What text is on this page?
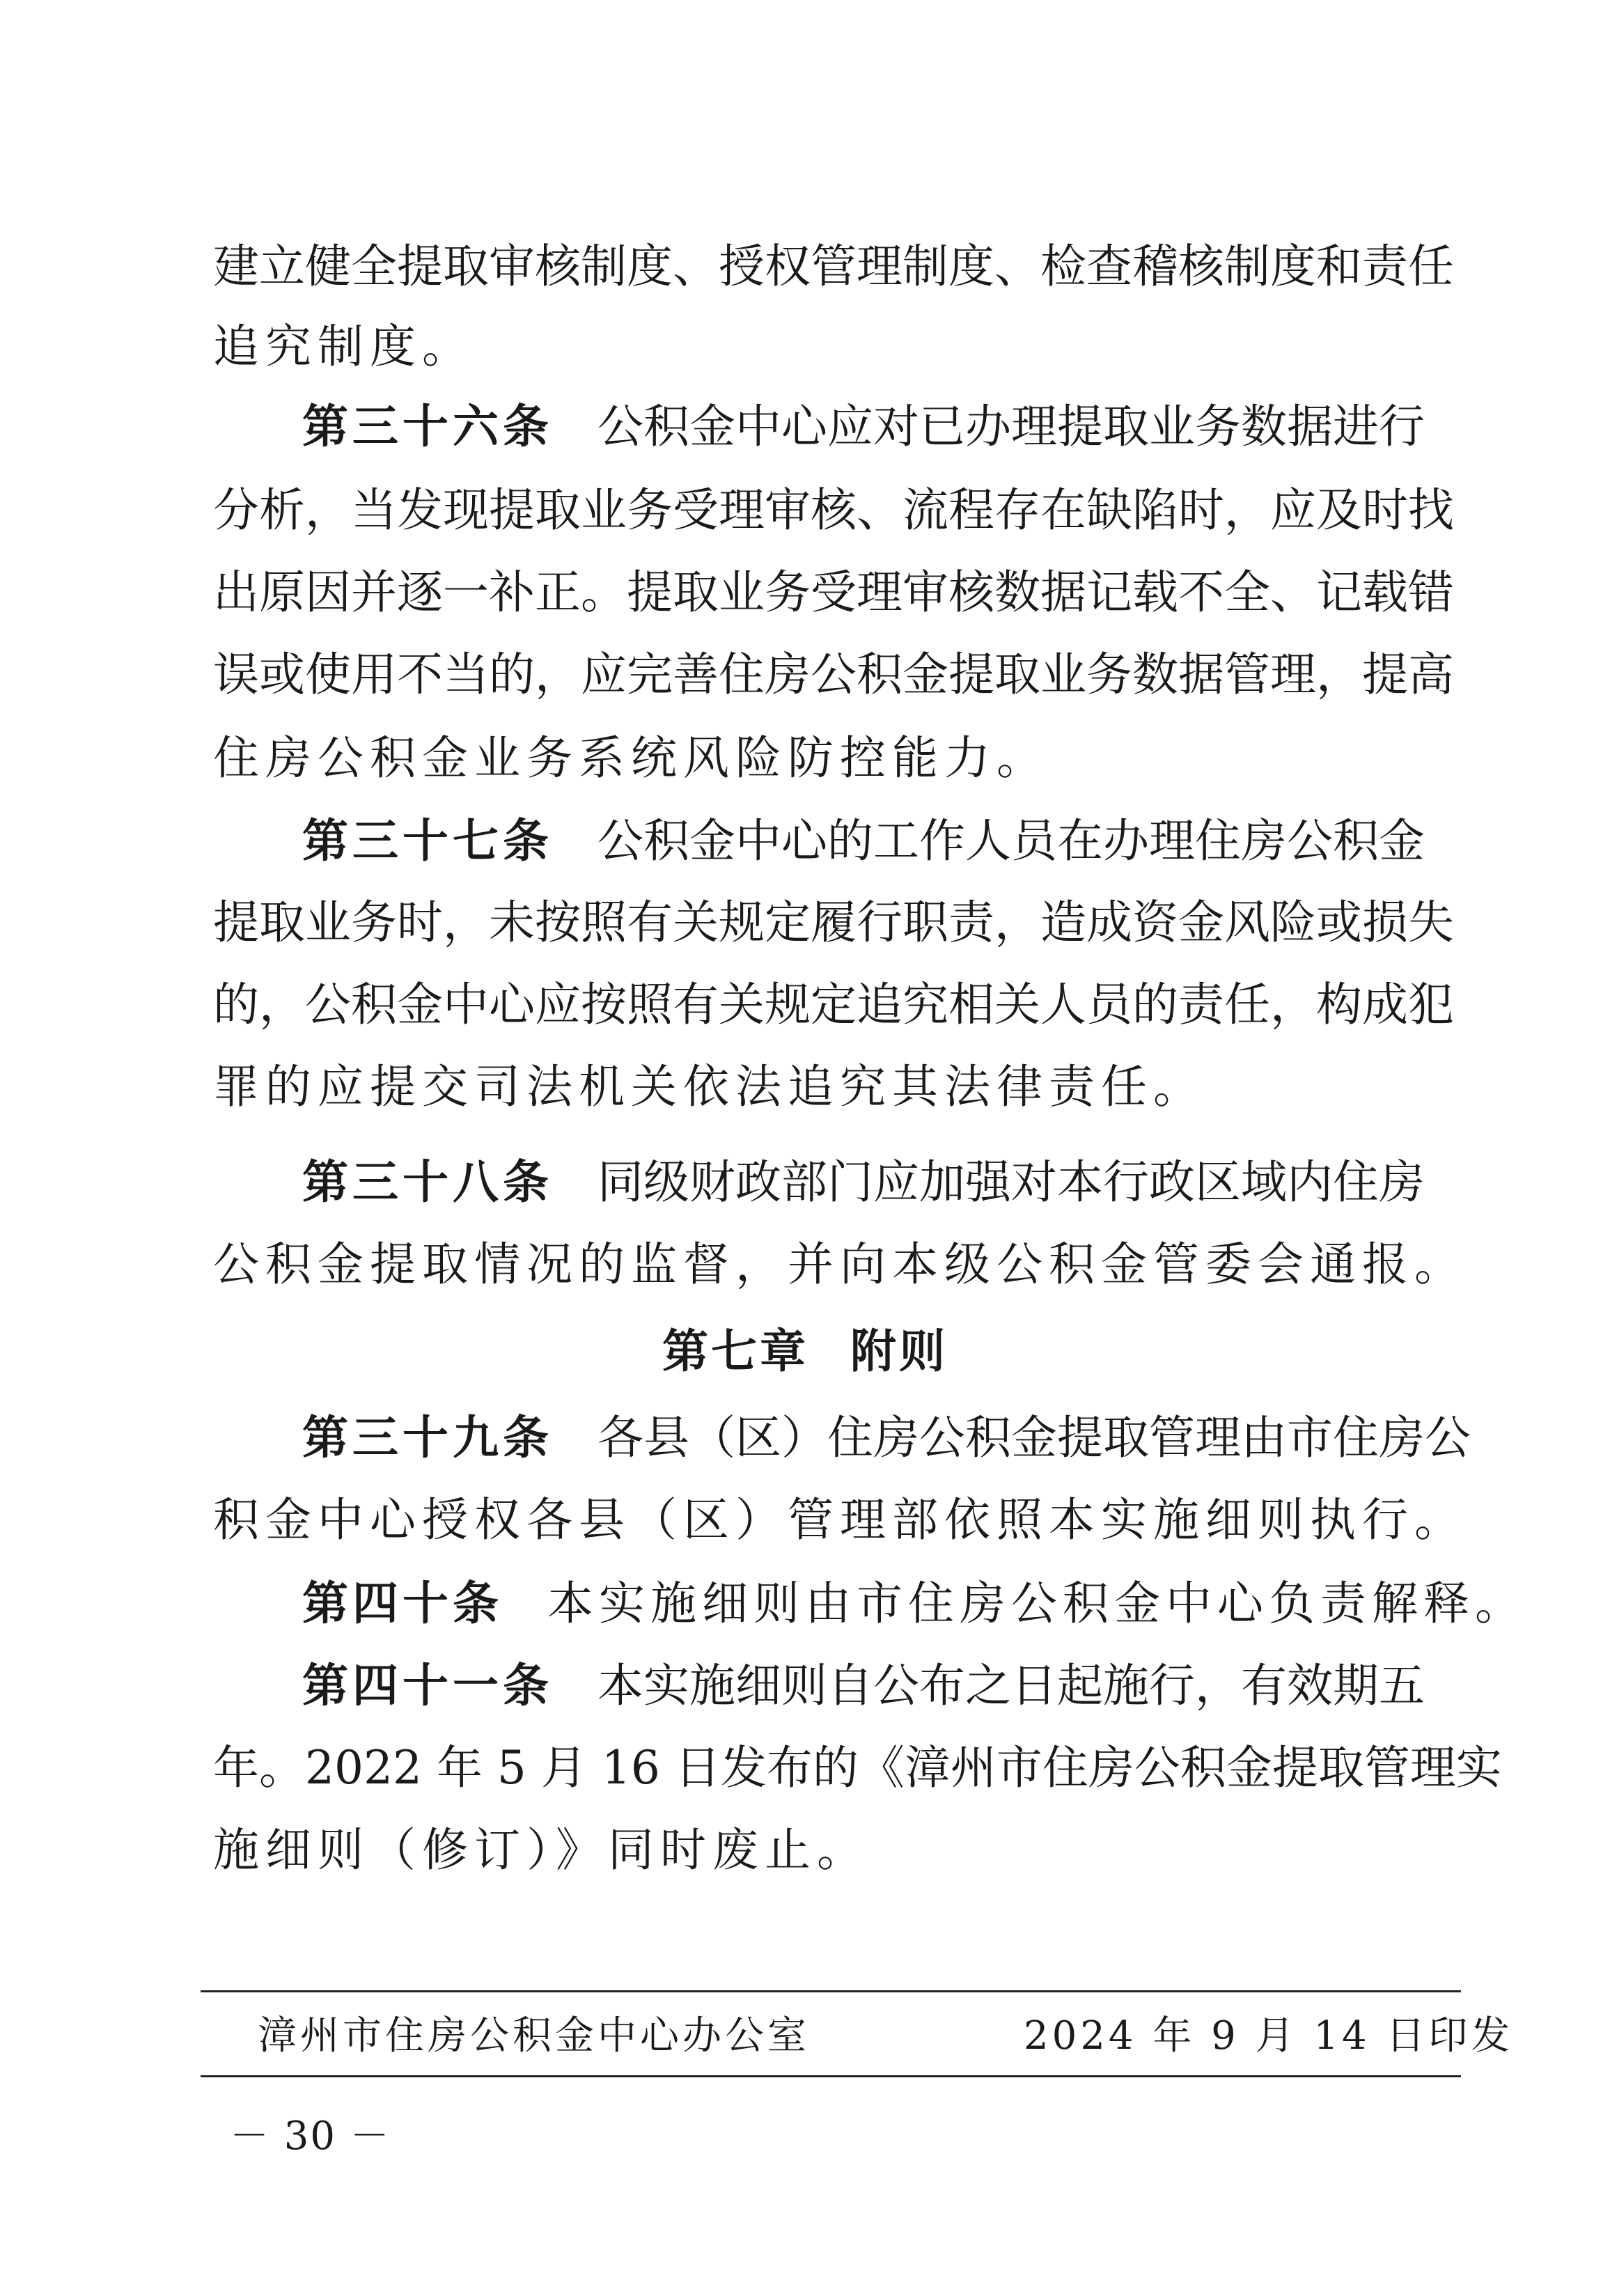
建立健全提取审核制度、授权管理制度、检查稽核制度和责任
追究制度。
第三十六条 公积金中心应对已办理提取业务数据进行
分析，当发现提取业务受理审核、流程存在缺陷时，应及时找
出原因并逐一补正。提取业务受理审核数据记载不全、记载错
误或使用不当的，应完善住房公积金提取业务数据管理，提高
住房公积金业务系统风险防控能力。
第三十七条 公积金中心的工作人员在办理住房公积金
提取业务时，未按照有关规定履行职责，造成资金风险或损失
的，公积金中心应按照有关规定追究相关人员的责任，构成犯
罪的应提交司法机关依法追究其法律责任。
第三十八条 同级财政部门应加强对本行政区域内住房
公积金提取情况的监督，并向本级公积金管委会通报。
第七章 附则
第三十九条 各县（区）住房公积金提取管理由市住房公
积金中心授权各县（区）管理部依照本实施细则执行。
第四十条 本实施细则由市住房公积金中心负责解释。
第四十一条 本实施细则自公布之日起施行，有效期五
年。2022 年 5 月 16 日发布的《漳州市住房公积金提取管理实
施细则（修订）》同时废止。
漳州市住房公积金中心办公室	2024 年 9 月 14 日印发
－ 30 －
